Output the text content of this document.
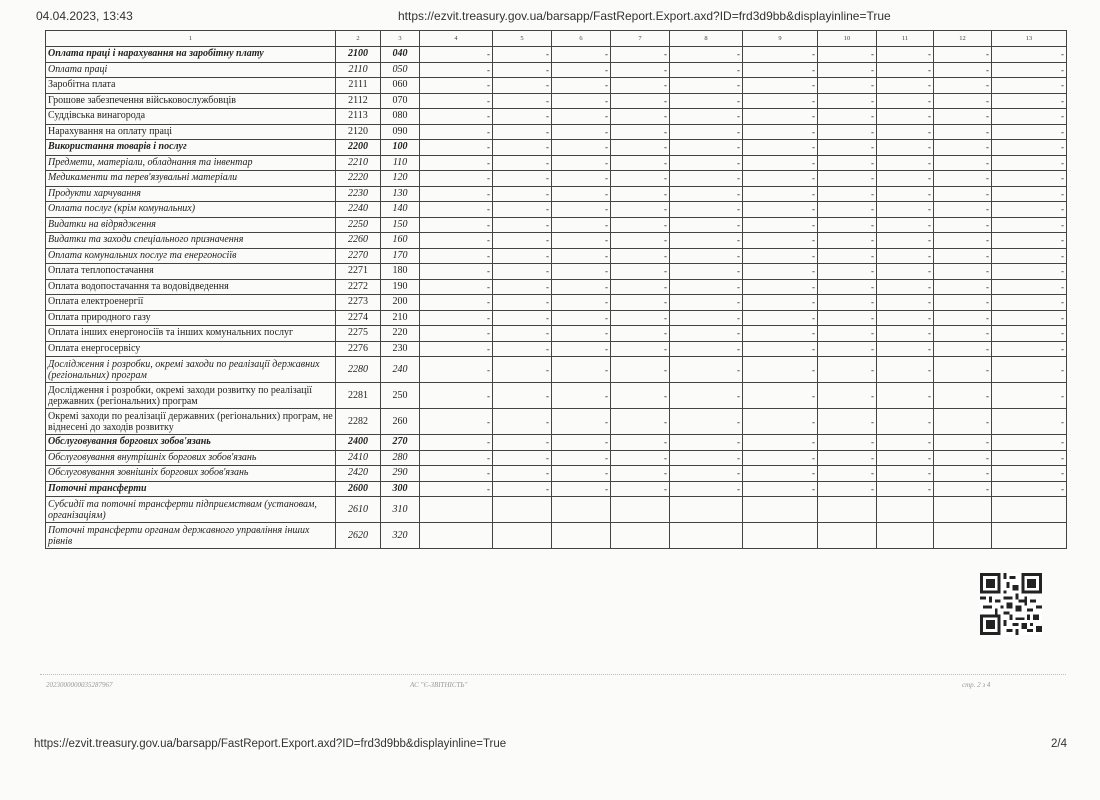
04.04.2023, 13:43	https://ezvit.treasury.gov.ua/barsapp/FastReport.Export.axd?ID=frd3d9bb&displayinline=True
1	2	3	4	5	6	7	8	9	10	11	12	13
Оплата праці і нарахування на заробітну плату	2100	040	-	-	-	-	-	-	-	-	-	-
Оплата праці	2110	050	-	-	-	-	-	-	-	-	-	-
Заробітна плата	2111	060	-	-	-	-	-	-	-	-	-	-
Грошове забезпечення військовослужбовців	2112	070	-	-	-	-	-	-	-	-	-	-
Суддівська винагорода	2113	080	-	-	-	-	-	-	-	-	-	-
Нарахування на оплату праці	2120	090	-	-	-	-	-	-	-	-	-	-
Використання товарів і послуг	2200	100	-	-	-	-	-	-	-	-	-	-
Предмети, матеріали, обладнання та інвентар	2210	110	-	-	-	-	-	-	-	-	-	-
Медикаменти та перев'язувальні матеріали	2220	120	-	-	-	-	-	-	-	-	-	-
Продукти харчування	2230	130	-	-	-	-	-	-	-	-	-	-
Оплата послуг (крім комунальних)	2240	140	-	-	-	-	-	-	-	-	-	-
Видатки на відрядження	2250	150	-	-	-	-	-	-	-	-	-	-
Видатки та заходи спеціального призначення	2260	160	-	-	-	-	-	-	-	-	-	-
Оплата комунальних послуг та енергоносіїв	2270	170	-	-	-	-	-	-	-	-	-	-
Оплата теплопостачання	2271	180	-	-	-	-	-	-	-	-	-	-
Оплата водопостачання та водовідведення	2272	190	-	-	-	-	-	-	-	-	-	-
Оплата електроенергії	2273	200	-	-	-	-	-	-	-	-	-	-
Оплата природного газу	2274	210	-	-	-	-	-	-	-	-	-	-
Оплата інших енергоносіїв та інших комунальних послуг	2275	220	-	-	-	-	-	-	-	-	-	-
Оплата енергосервісу	2276	230	-	-	-	-	-	-	-	-	-	-
Дослідження і розробки, окремі заходи по реалізації державних (регіональних) програм	2280	240	-	-	-	-	-	-	-	-	-	-
Дослідження і розробки, окремі заходи розвитку по реалізації державних (регіональних) програм	2281	250	-	-	-	-	-	-	-	-	-	-
Окремі заходи по реалізації державних (регіональних) програм, не віднесені до заходів розвитку	2282	260	-	-	-	-	-	-	-	-	-	-
Обслуговування боргових зобов'язань	2400	270	-	-	-	-	-	-	-	-	-	-
Обслуговування внутрішніх боргових зобов'язань	2410	280	-	-	-	-	-	-	-	-	-	-
Обслуговування зовнішніх боргових зобов'язань	2420	290	-	-	-	-	-	-	-	-	-	-
Поточні трансферти	2600	300	-	-	-	-	-	-	-	-	-	-
Субсидії та поточні трансферти підприємствам (установам, організаціям)	2610	310										
Поточні трансферти органам державного управління інших рівнів	2620	320										
2023000000035287967	АС "Є-ЗВІТНІСТЬ"	стр. 2 з 4
https://ezvit.treasury.gov.ua/barsapp/FastReport.Export.axd?ID=frd3d9bb&displayinline=True	2/4
